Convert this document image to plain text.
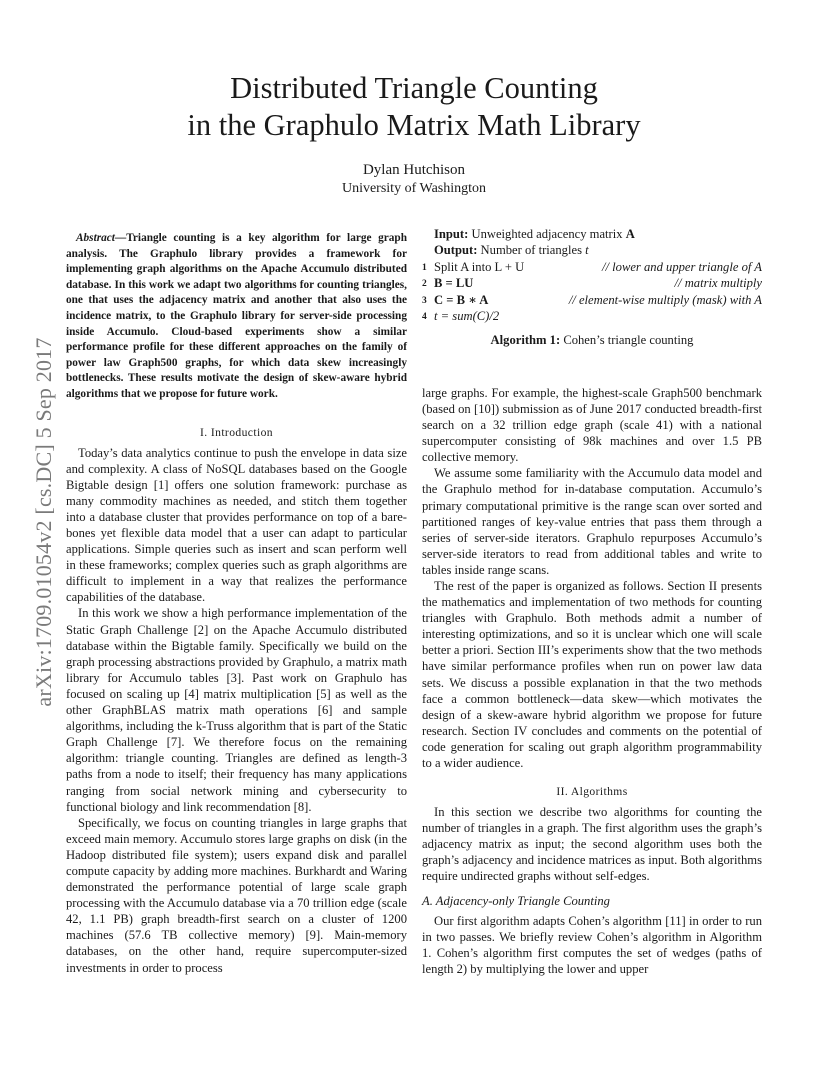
arXiv:1709.01054v2 [cs.DC] 5 Sep 2017
Distributed Triangle Counting
in the Graphulo Matrix Math Library
Dylan Hutchison
University of Washington
Abstract—Triangle counting is a key algorithm for large graph analysis. The Graphulo library provides a framework for implementing graph algorithms on the Apache Accumulo distributed database. In this work we adapt two algorithms for counting triangles, one that uses the adjacency matrix and another that also uses the incidence matrix, to the Graphulo library for server-side processing inside Accumulo. Cloud-based experiments show a similar performance profile for these different approaches on the family of power law Graph500 graphs, for which data skew increasingly bottlenecks. These results motivate the design of skew-aware hybrid algorithms that we propose for future work.
I. Introduction

Today’s data analytics continue to push the envelope in data size and complexity. A class of NoSQL databases based on the Google Bigtable design [1] offers one solution framework: purchase as many commodity machines as needed, and stitch them together into a database cluster that provides performance on top of a bare-bones yet flexible data model that a user can adapt to particular applications. Simple queries such as insert and scan perform well in these frameworks; complex queries such as graph algorithms are difficult to implement in a way that realizes the performance capabilities of the database.

In this work we show a high performance implementation of the Static Graph Challenge [2] on the Apache Accumulo distributed database within the Bigtable family. Specifically we build on the graph processing abstractions provided by Graphulo, a matrix math library for Accumulo tables [3]. Past work on Graphulo has focused on scaling up [4] matrix multiplication [5] as well as the other GraphBLAS matrix math operations [6] and sample algorithms, including the k-Truss algorithm that is part of the Static Graph Challenge [7]. We therefore focus on the remaining algorithm: triangle counting. Triangles are defined as length-3 paths from a node to itself; their frequency has many applications ranging from social network mining and cybersecurity to functional biology and link recommendation [8].

Specifically, we focus on counting triangles in large graphs that exceed main memory. Accumulo stores large graphs on disk (in the Hadoop distributed file system); users expand disk and parallel compute capacity by adding more machines. Burkhardt and Waring demonstrated the performance potential of large scale graph processing with the Accumulo database via a 70 trillion edge (scale 42, 1.1 PB) graph breadth-first search on a cluster of 1200 machines (57.6 TB collective memory) [9]. Main-memory databases, on the other hand, require supercomputer-sized investments in order to process

Input: Unweighted adjacency matrix A
Output: Number of triangles t
1 Split A into L + U	// lower and upper triangle of A
2 B = LU	// matrix multiply
3 C = B ∗ A	// element-wise multiply (mask) with A
4 t = sum(C)/2
Algorithm 1: Cohen’s triangle counting

large graphs. For example, the highest-scale Graph500 benchmark (based on [10]) submission as of June 2017 conducted breadth-first search on a 32 trillion edge graph (scale 41) with a national supercomputer consisting of 98k machines and over 1.5 PB collective memory.

We assume some familiarity with the Accumulo data model and the Graphulo method for in-database computation. Accumulo’s primary computational primitive is the range scan over sorted and partitioned ranges of key-value entries that pass them through a series of server-side iterators. Graphulo repurposes Accumulo’s server-side iterators to read from additional tables and write to tables inside range scans.

The rest of the paper is organized as follows. Section II presents the mathematics and implementation of two methods for counting triangles with Graphulo. Both methods admit a number of interesting optimizations, and so it is unclear which one will scale better a priori. Section III’s experiments show that the two methods have similar performance profiles when run on power law data sets. We discuss a possible explanation in that the two methods face a common bottleneck—data skew—which motivates the design of a skew-aware hybrid algorithm we propose for future research. Section IV concludes and comments on the potential of code generation for scaling out graph algorithm programmability to a wider audience.

II. Algorithms

In this section we describe two algorithms for counting the number of triangles in a graph. The first algorithm uses the graph’s adjacency matrix as input; the second algorithm uses both the graph’s adjacency and incidence matrices as input. Both algorithms require undirected graphs without self-edges.

A. Adjacency-only Triangle Counting

Our first algorithm adapts Cohen’s algorithm [11] in order to run in two passes. We briefly review Cohen’s algorithm in Algorithm 1. Cohen’s algorithm first computes the set of wedges (paths of length 2) by multiplying the lower and upper
